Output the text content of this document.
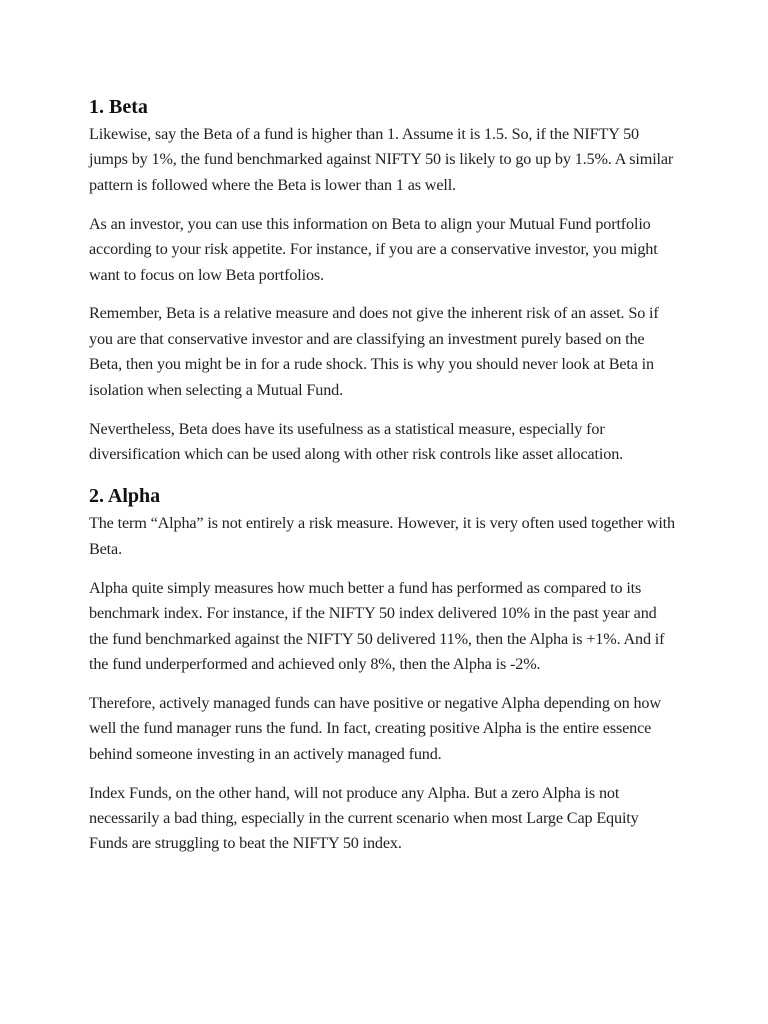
1. Beta

Likewise, say the Beta of a fund is higher than 1. Assume it is 1.5. So, if the NIFTY 50 jumps by 1%, the fund benchmarked against NIFTY 50 is likely to go up by 1.5%. A similar pattern is followed where the Beta is lower than 1 as well.

As an investor, you can use this information on Beta to align your Mutual Fund portfolio according to your risk appetite. For instance, if you are a conservative investor, you might want to focus on low Beta portfolios.

Remember, Beta is a relative measure and does not give the inherent risk of an asset. So if you are that conservative investor and are classifying an investment purely based on the Beta, then you might be in for a rude shock. This is why you should never look at Beta in isolation when selecting a Mutual Fund.

Nevertheless, Beta does have its usefulness as a statistical measure, especially for diversification which can be used along with other risk controls like asset allocation.

2. Alpha

The term “Alpha” is not entirely a risk measure. However, it is very often used together with Beta.

Alpha quite simply measures how much better a fund has performed as compared to its benchmark index. For instance, if the NIFTY 50 index delivered 10% in the past year and the fund benchmarked against the NIFTY 50 delivered 11%, then the Alpha is +1%. And if the fund underperformed and achieved only 8%, then the Alpha is -2%.

Therefore, actively managed funds can have positive or negative Alpha depending on how well the fund manager runs the fund. In fact, creating positive Alpha is the entire essence behind someone investing in an actively managed fund.

Index Funds, on the other hand, will not produce any Alpha. But a zero Alpha is not necessarily a bad thing, especially in the current scenario when most Large Cap Equity Funds are struggling to beat the NIFTY 50 index.
